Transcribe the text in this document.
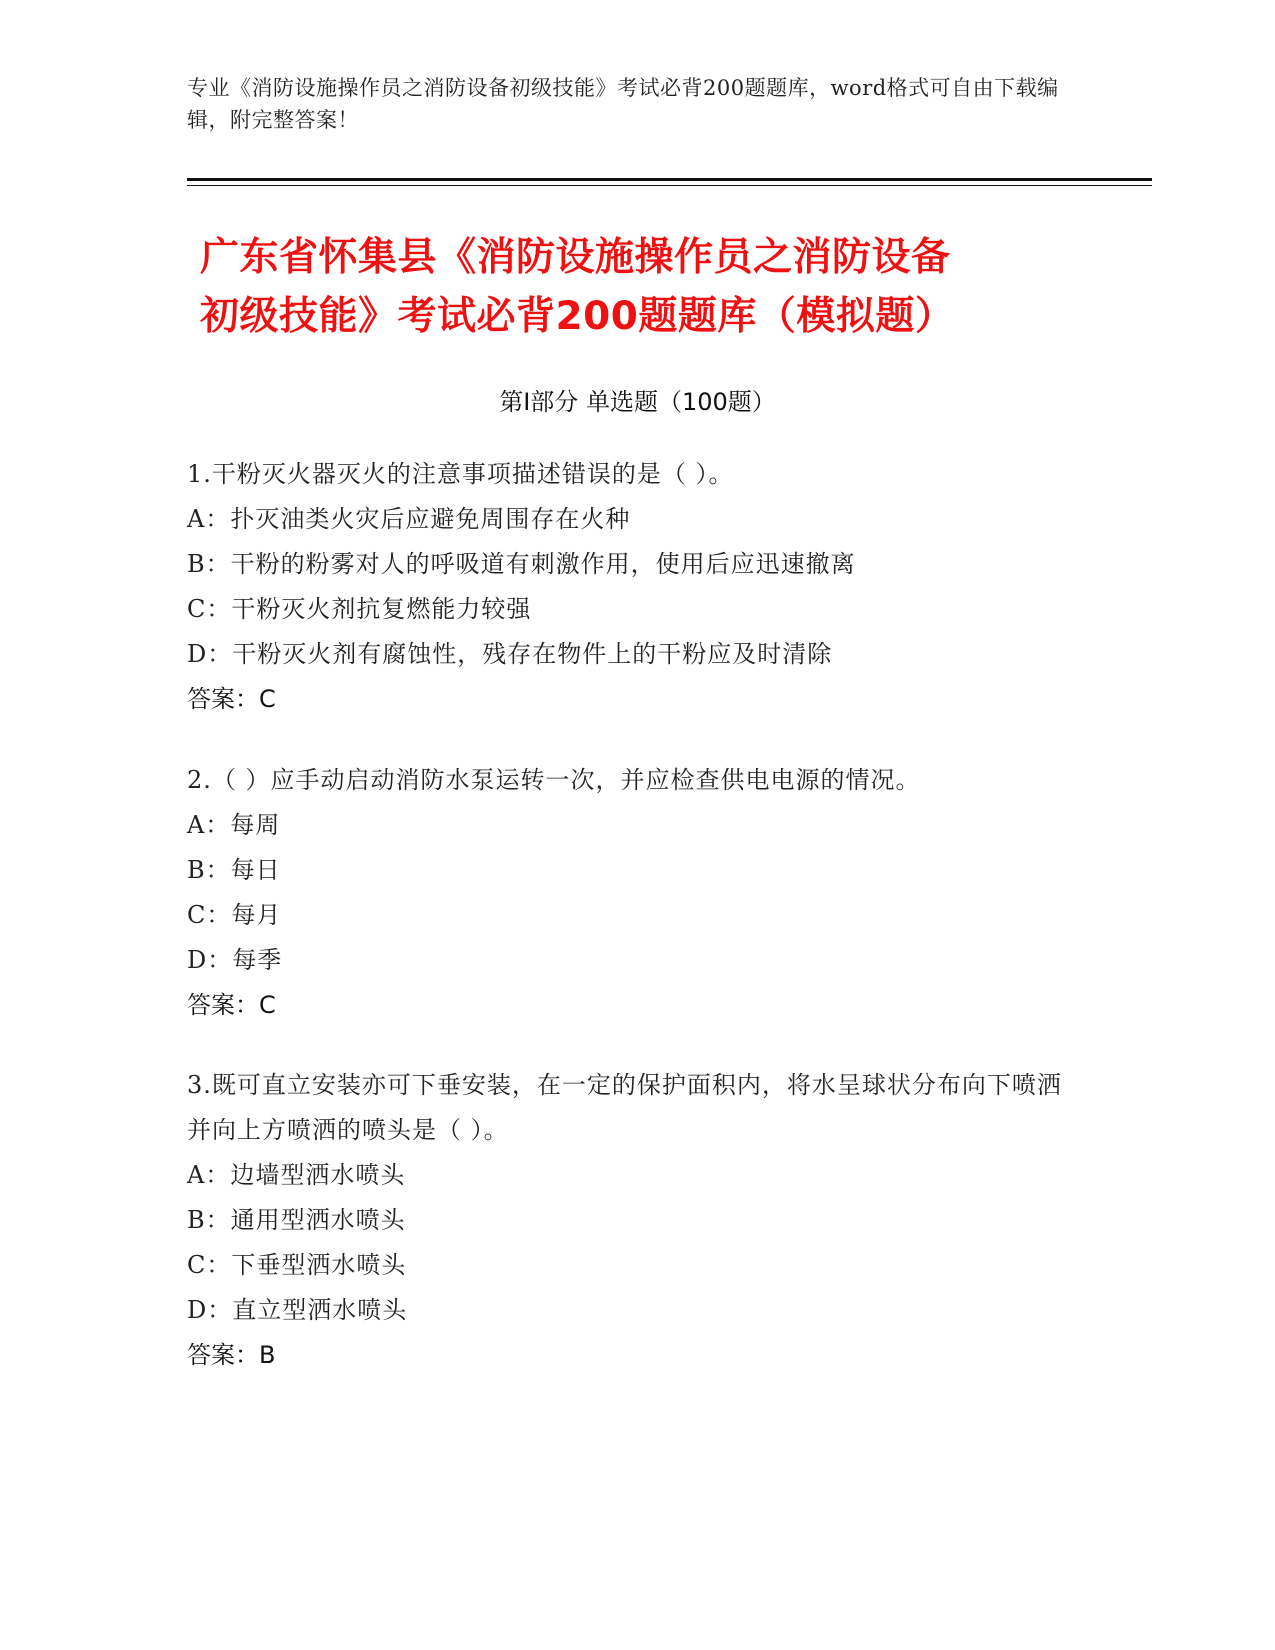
专业《消防设施操作员之消防设备初级技能》考试必背200题题库，word格式可自由下载编辑，附完整答案！
广东省怀集县《消防设施操作员之消防设备
初级技能》考试必背200题题库（模拟题）
第Ⅰ部分 单选题（100题）
1.干粉灭火器灭火的注意事项描述错误的是（ ）。
A：扑灭油类火灾后应避免周围存在火种
B：干粉的粉雾对人的呼吸道有刺激作用，使用后应迅速撤离
C：干粉灭火剂抗复燃能力较强
D：干粉灭火剂有腐蚀性，残存在物件上的干粉应及时清除
答案：C
2.（ ）应手动启动消防水泵运转一次，并应检查供电电源的情况。
A：每周
B：每日
C：每月
D：每季
答案：C
3.既可直立安装亦可下垂安装，在一定的保护面积内，将水呈球状分布向下喷洒并向上方喷洒的喷头是（ ）。
A：边墙型洒水喷头
B：通用型洒水喷头
C：下垂型洒水喷头
D：直立型洒水喷头
答案：B
